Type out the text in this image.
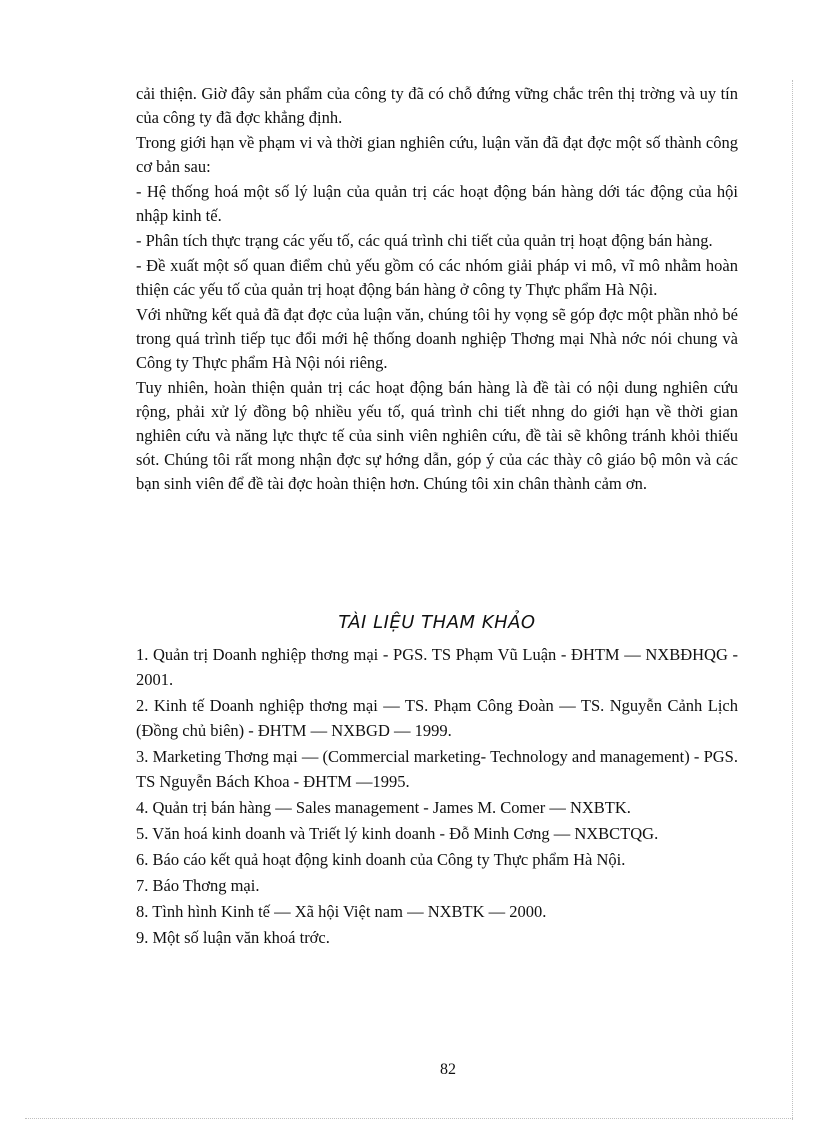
cải thiện. Giờ đây sản phẩm của công ty đã có chỗ đứng vững chắc trên thị trờng và uy tín của công ty đã đợc khẳng định.

Trong giới hạn về phạm vi và thời gian nghiên cứu, luận văn đã đạt đợc một số thành công cơ bản sau:

- Hệ thống hoá một số lý luận của quản trị các hoạt động bán hàng dới tác động của hội nhập kinh tế.

- Phân tích thực trạng các yếu tố, các quá trình chi tiết của quản trị hoạt động bán hàng.

- Đề xuất một số quan điểm chủ yếu gồm có các nhóm giải pháp vi mô, vĩ mô nhằm hoàn thiện các yếu tố của quản trị hoạt động bán hàng ở công ty Thực phẩm Hà Nội.

Với những kết quả đã đạt đợc của luận văn, chúng tôi hy vọng sẽ góp đợc một phần nhỏ bé trong quá trình tiếp tục đổi mới hệ thống doanh nghiệp Thơng mại Nhà nớc nói chung và Công ty Thực phẩm Hà Nội nói riêng.

Tuy nhiên, hoàn thiện quản trị các hoạt động bán hàng là đề tài có nội dung nghiên cứu rộng, phải xử lý đồng bộ nhiều yếu tố, quá trình chi tiết nhng do giới hạn về thời gian nghiên cứu và năng lực thực tế của sinh viên nghiên cứu, đề tài sẽ không tránh khỏi thiếu sót. Chúng tôi rất mong nhận đợc sự hớng dẫn, góp ý của các thày cô giáo bộ môn và các bạn sinh viên để đề tài đợc hoàn thiện hơn. Chúng tôi xin chân thành cảm ơn.

TÀI LIỆU THAM KHẢO

1. Quản trị Doanh nghiệp thơng mại - PGS. TS Phạm Vũ Luận - ĐHTM — NXBĐHQG - 2001.

2. Kinh tế Doanh nghiệp thơng mại — TS. Phạm Công Đoàn — TS. Nguyễn Cảnh Lịch (Đồng chủ biên) - ĐHTM — NXBGD — 1999.

3. Marketing Thơng mại — (Commercial marketing- Technology and management) - PGS. TS Nguyễn Bách Khoa - ĐHTM —1995.

4. Quản trị bán hàng — Sales management - James M. Comer — NXBTK.

5. Văn hoá kinh doanh và Triết lý kinh doanh - Đỗ Minh Cơng — NXBCTQG.

6. Báo cáo kết quả hoạt động kinh doanh của Công ty Thực phẩm Hà Nội.

7. Báo Thơng mại.

8. Tình hình Kinh tế — Xã hội Việt nam — NXBTK — 2000.

9. Một số luận văn khoá trớc.

82
